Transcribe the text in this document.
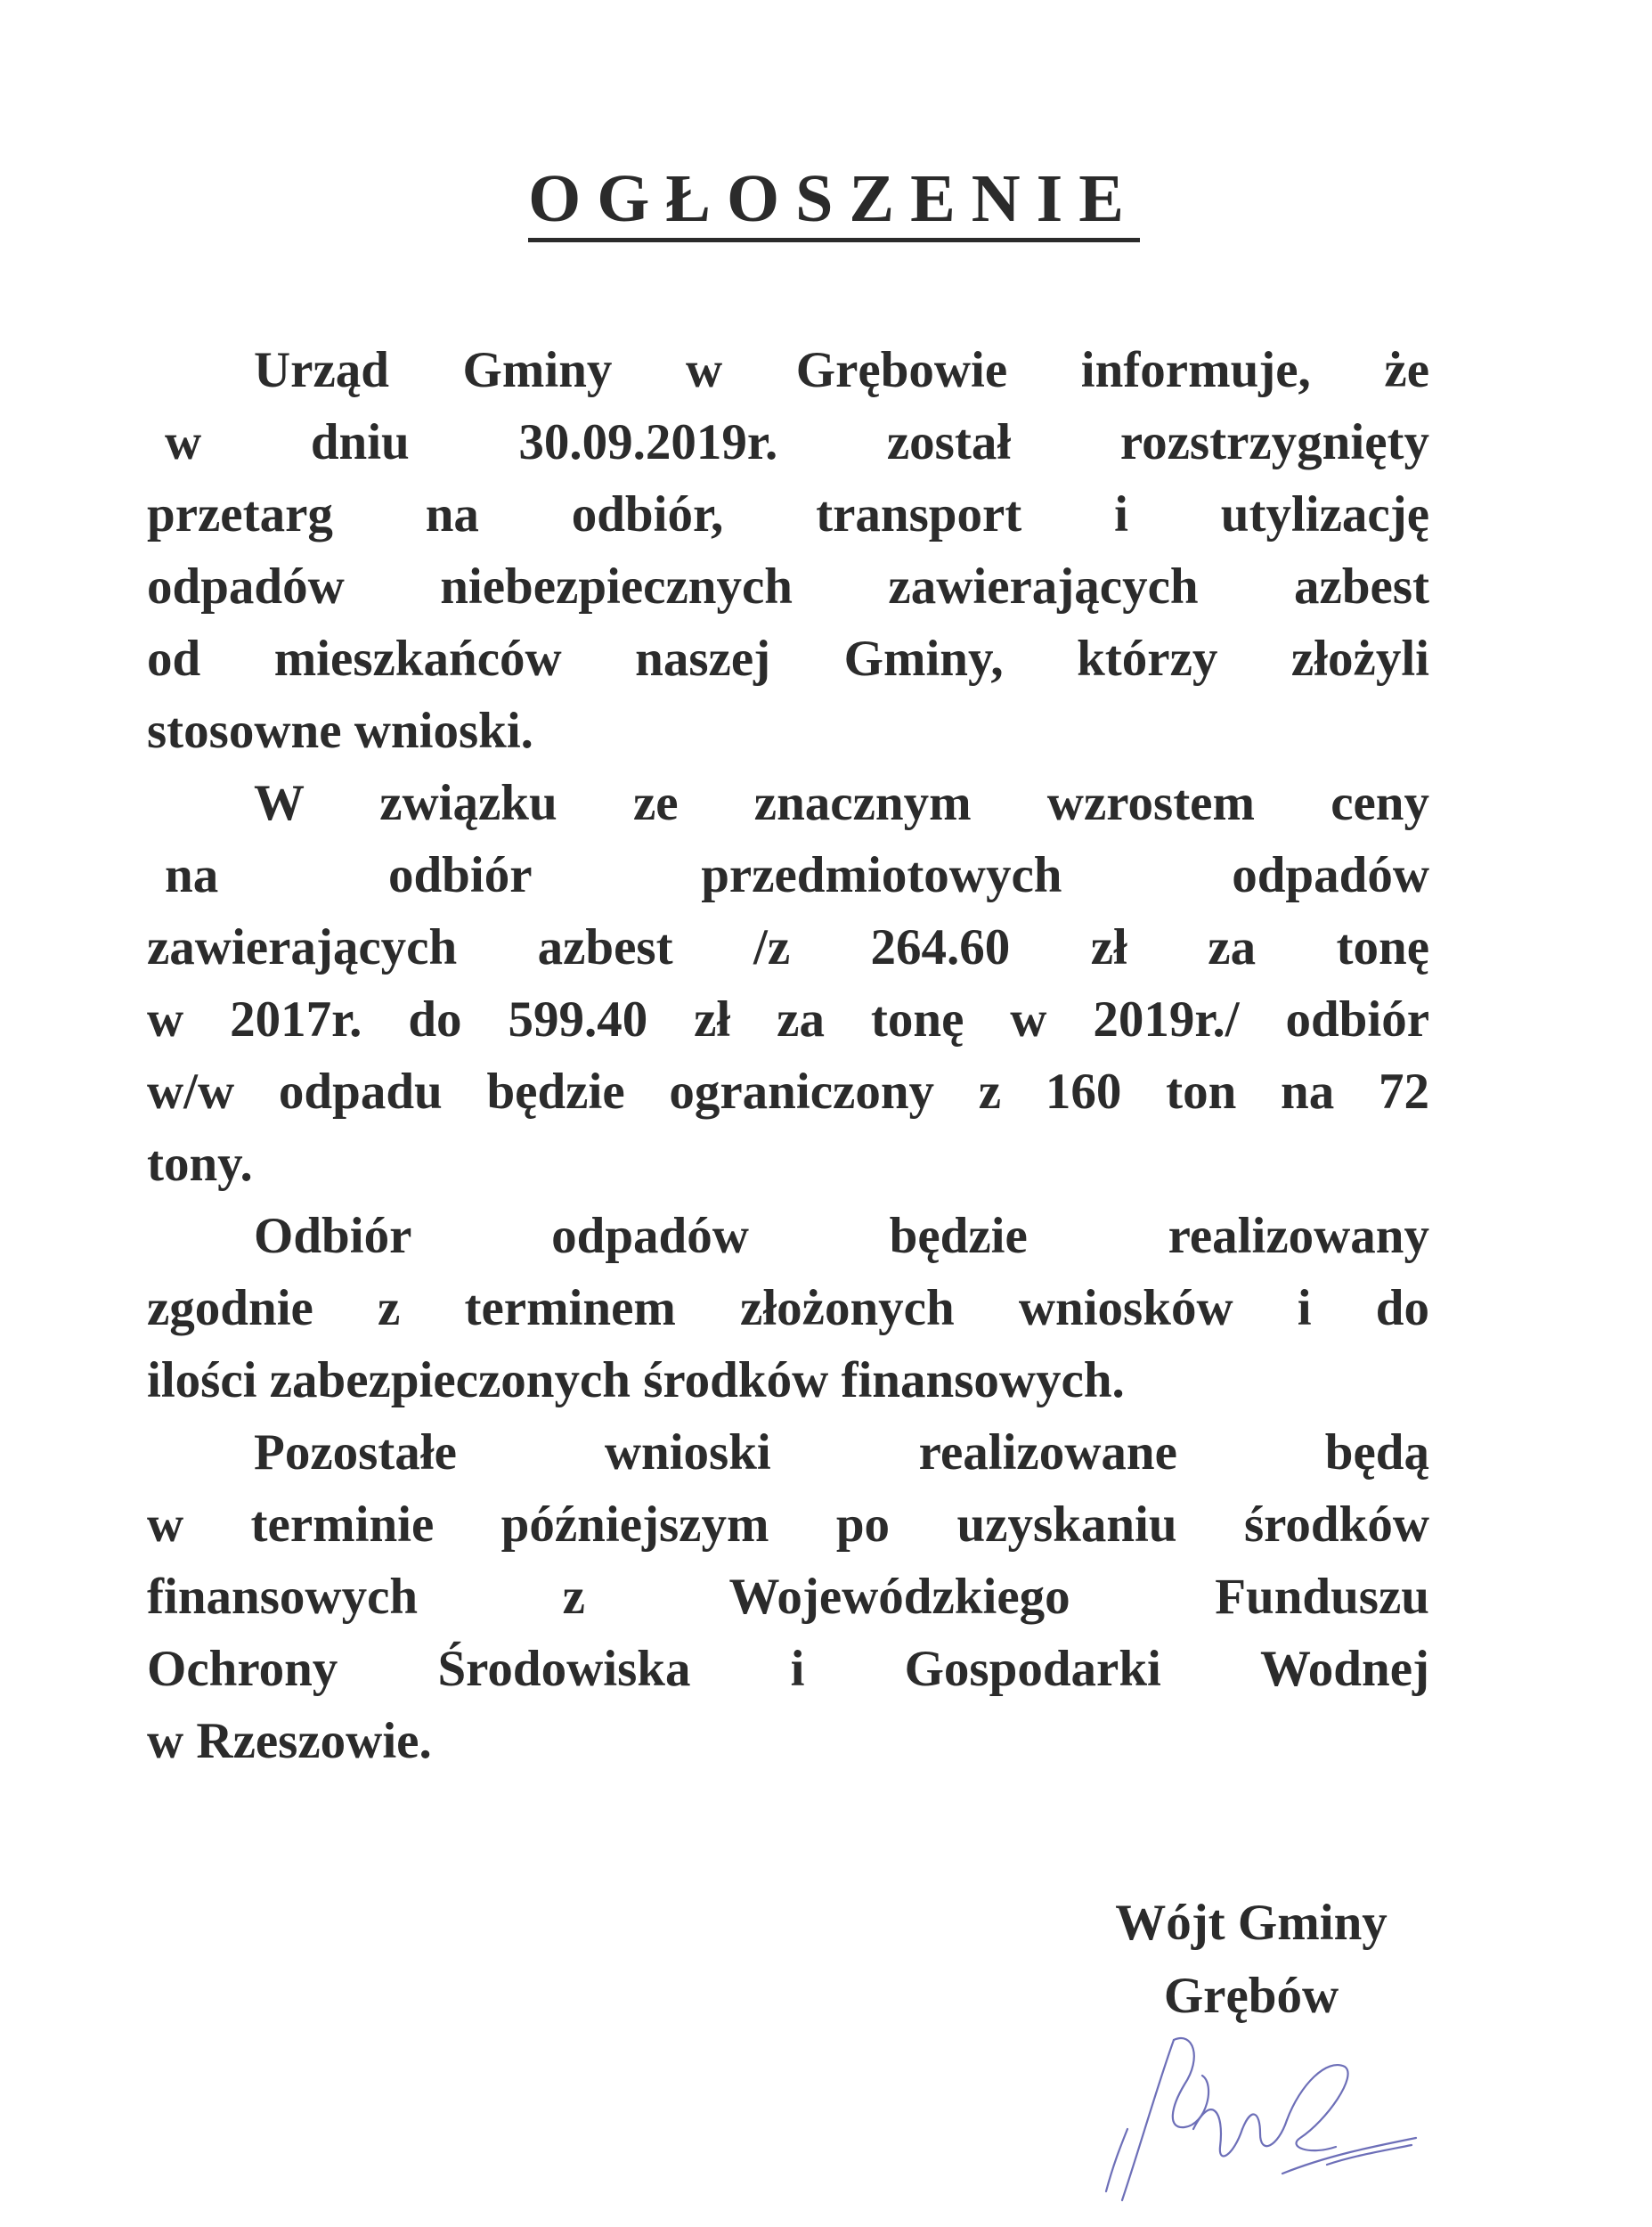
OGŁOSZENIE
Urząd Gminy w Grębowie informuje, że
w dniu 30.09.2019r. został rozstrzygnięty
przetarg na odbiór, transport i utylizację
odpadów niebezpiecznych zawierających azbest
od mieszkańców naszej Gminy, którzy złożyli
stosowne wnioski.
W związku ze znacznym wzrostem ceny
na odbiór przedmiotowych odpadów
zawierających azbest /z 264.60 zł za tonę
w 2017r. do 599.40 zł za tonę w 2019r./ odbiór
w/w odpadu będzie ograniczony z 160 ton na 72
tony.
Odbiór odpadów będzie realizowany
zgodnie z terminem złożonych wniosków i do
ilości zabezpieczonych środków finansowych.
Pozostałe wnioski realizowane będą
w terminie późniejszym po uzyskaniu środków
finansowych z Wojewódzkiego Funduszu
Ochrony Środowiska i Gospodarki Wodnej
w Rzeszowie.
Wójt Gminy
Grębów
